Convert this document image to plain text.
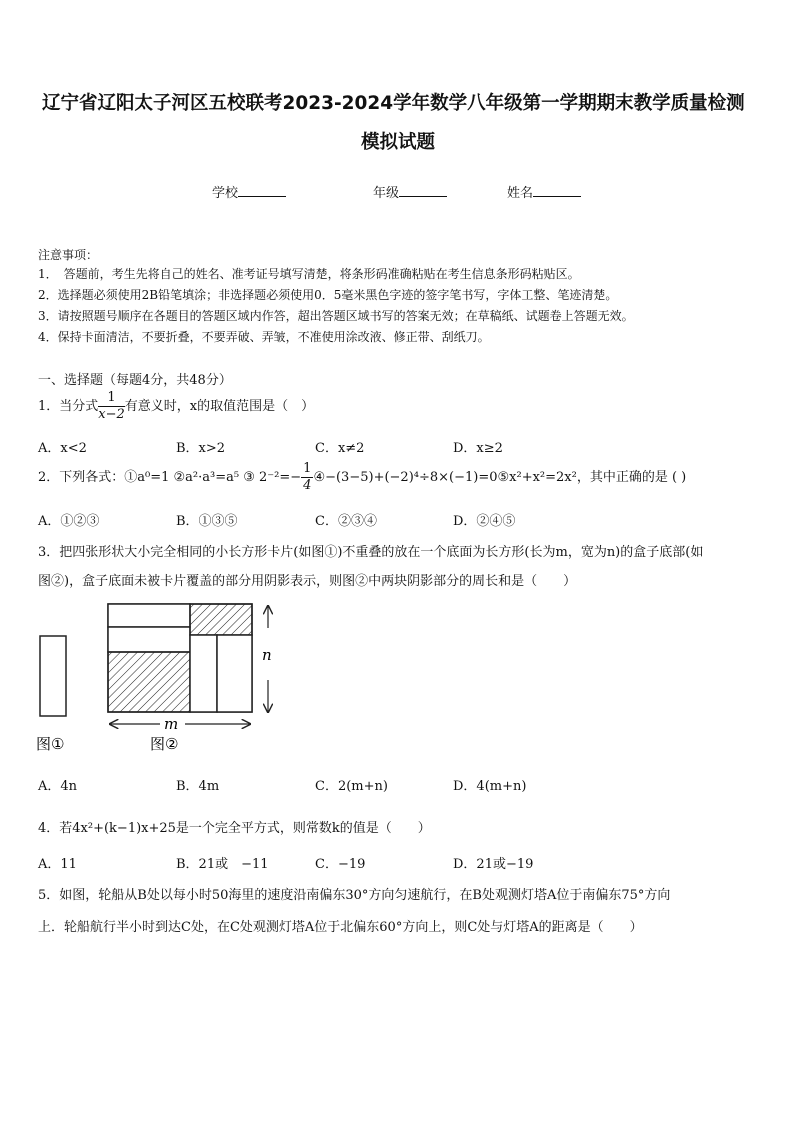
辽宁省辽阳太子河区五校联考2023-2024学年数学八年级第一学期期末教学质量检测
模拟试题
学校	年级	姓名
注意事项：
1．　答题前，考生先将自己的姓名、准考证号填写清楚，将条形码准确粘贴在考生信息条形码粘贴区。
2．选择题必须使用2B铅笔填涂；非选择题必须使用0．5毫米黑色字迹的签字笔书写，字体工整、笔迹清楚。
3．请按照题号顺序在各题目的答题区域内作答，超出答题区域书写的答案无效；在草稿纸、试题卷上答题无效。
4．保持卡面清洁，不要折叠，不要弄破、弄皱，不准使用涂改液、修正带、刮纸刀。
一、选择题（每题4分，共48分）
1．当分式 $\frac{1}{x-2}$ 有意义时，x的取值范围是（　）
A．x<2	B．x>2	C．x≠2	D．x≥2
2．下列各式：①a⁰=1 ②a²·a³=a⁵ ③ $2^{-2}=- \frac{1}{4}$ ④−(3−5)+(−2)⁴÷8×(−1)=0⑤x²+x²=2x²，其中正确的是 ( )
A．①②③	B．①③⑤	C．②③④	D．②④⑤
3．把四张形状大小完全相同的小长方形卡片(如图①)不重叠的放在一个底面为长方形(长为m，宽为n)的盒子底部(如
图②)，盒子底面未被卡片覆盖的部分用阴影表示，则图②中两块阴影部分的周长和是（　　）
n
m
图①	图②
A．4n	B．4m	C．2(m+n)	D．4(m+n)
4．若4x²+(k−1)x+25是一个完全平方式，则常数k的值是（　　）
A．11	B．21或　−11	C．−19	D．21或−19
5．如图，轮船从B处以每小时50海里的速度沿南偏东30°方向匀速航行，在B处观测灯塔A位于南偏东75°方向
上．轮船航行半小时到达C处，在C处观测灯塔A位于北偏东60°方向上，则C处与灯塔A的距离是（　　）
